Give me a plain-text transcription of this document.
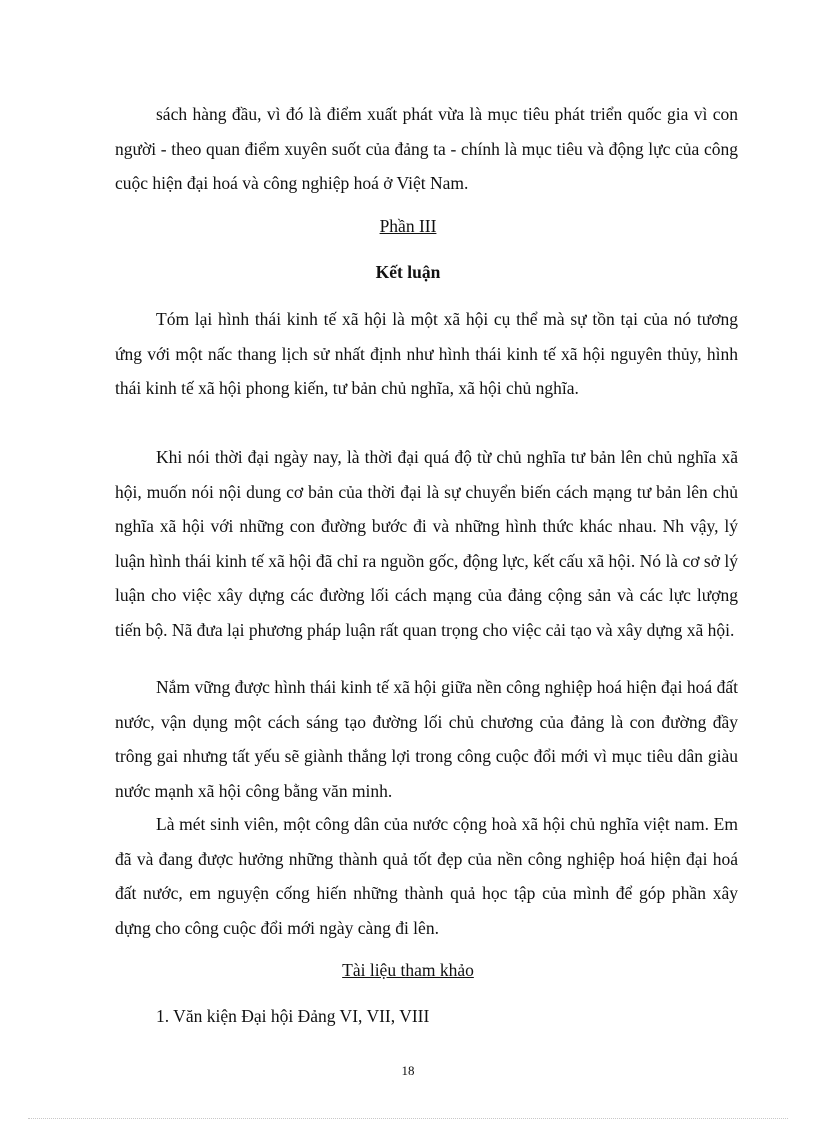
sách hàng đầu, vì đó là điểm xuất phát vừa là mục tiêu phát triển quốc gia vì con người - theo quan điểm xuyên suốt của đảng ta - chính là mục tiêu và động lực của công cuộc hiện đại hoá và công nghiệp hoá ở Việt Nam.

Phần III

Kết luận

Tóm lại hình thái kinh tế xã hội là một xã hội cụ thể mà sự tồn tại của nó tương ứng với một nấc thang lịch sử nhất định như hình thái kinh tế xã hội nguyên thủy, hình thái kinh tế xã hội phong kiến, tư bản chủ nghĩa, xã hội chủ nghĩa.

Khi nói thời đại ngày nay, là thời đại quá độ từ chủ nghĩa tư bản lên chủ nghĩa xã hội, muốn nói nội dung cơ bản của thời đại là sự chuyển biến cách mạng tư bản lên chủ nghĩa xã hội với những con đường bước đi và những hình thức khác nhau. Nh vậy, lý luận hình thái kinh tế xã hội đã chỉ ra nguồn gốc, động lực, kết cấu xã hội. Nó là cơ sở lý luận cho việc xây dựng các đường lối cách mạng của đảng cộng sản và các lực lượng tiến bộ. Nã đưa lại phương pháp luận rất quan trọng cho việc cải tạo và xây dựng xã hội.

Nắm vững được hình thái kinh tế xã hội giữa nền công nghiệp hoá hiện đại hoá đất nước, vận dụng một cách sáng tạo đường lối chủ chương của đảng là con đường đầy trông gai nhưng tất yếu sẽ giành thắng lợi trong công cuộc đổi mới vì mục tiêu dân giàu nước mạnh xã hội công bằng văn minh.

Là mét sinh viên, một công dân của nước cộng hoà xã hội chủ nghĩa việt nam. Em đã và đang được hưởng những thành quả tốt đẹp của nền công nghiệp hoá hiện đại hoá đất nước, em nguyện cống hiến những thành quả học tập của mình để góp phần xây dựng cho công cuộc đổi mới ngày càng đi lên.

Tài liệu tham khảo

1. Văn kiện Đại hội Đảng VI, VII, VIII

18
